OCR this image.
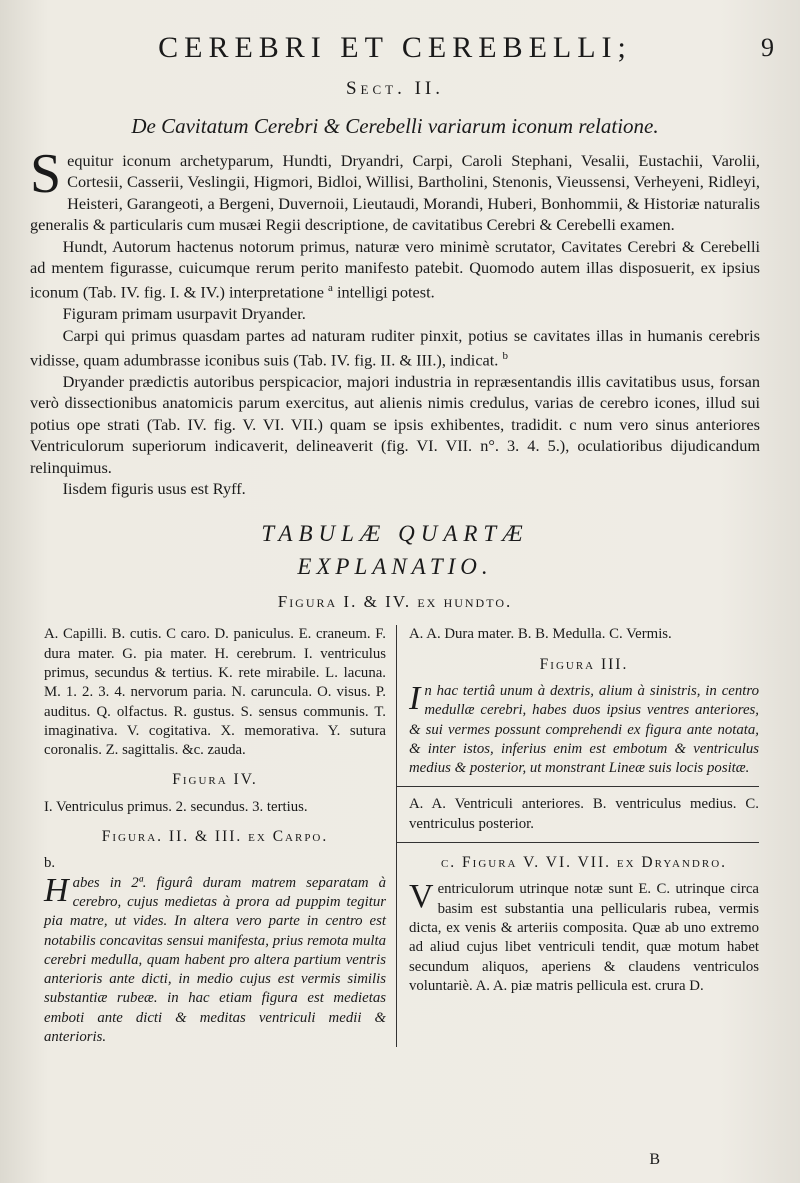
CEREBRI ET CEREBELLI;	9
Sect. II.
De Cavitatum Cerebri & Cerebelli variarum iconum relatione.

Sequitur iconum archetyparum, Hundti, Dryandri, Carpi, Caroli Stephani, Vesalii, Eustachii, Varolii, Cortesii, Casserii, Veslingii, Higmori, Bidloi, Willisi, Bartholini, Stenonis, Vieussensi, Verheyeni, Ridleyi, Heisteri, Garangeoti, a Bergeni, Duvernoii, Lieutaudi, Morandi, Huberi, Bonhommii, & Historiæ naturalis generalis & particularis cum musæi Regii descriptione, de cavitatibus Cerebri & Cerebelli examen.

Hundt, Autorum hactenus notorum primus, naturæ vero minimè scrutator, Cavitates Cerebri & Cerebelli ad mentem figurasse, cuicumque rerum perito manifesto patebit. Quomodo autem illas disposuerit, ex ipsius iconum (Tab. IV. fig. I. & IV.) interpretatione $^a$ intelligi potest.

Figuram primam usurpavit Dryander.

Carpi qui primus quasdam partes ad naturam ruditer pinxit, potius se cavitates illas in humanis cerebris vidisse, quam adumbrasse iconibus suis (Tab. IV. fig. II. & III.), indicat. $^b$

Dryander prædictis autoribus perspicacior, majori industria in repræsentandis illis cavitatibus usus, forsan verò dissectionibus anatomicis parum exercitus, aut alienis nimis credulus, varias de cerebro icones, illud sui potius ope strati (Tab. IV. fig. V. VI. VII.) quam se ipsis exhibentes, tradidit. c num vero sinus anteriores Ventriculorum superiorum indicaverit, delineaverit (fig. VI. VII. n°. 3. 4. 5.), oculatioribus dijudicandum relinquimus.

Iisdem figuris usus est Ryff.

TABULÆ QUARTÆ
EXPLANATIO.
Figura I. & IV. ex hundto.

A. Capilli. B. cutis. C caro. D. paniculus. E. craneum. F. dura mater. G. pia mater. H. cerebrum. I. ventriculus primus, secundus & tertius. K. rete mirabile. L. lacuna. M. 1. 2. 3. 4. nervorum paria. N. caruncula. O. visus. P. auditus. Q. olfactus. R. gustus. S. sensus communis. T. imaginativa. V. cogitativa. X. memorativa. Y. sutura coronalis. Z. sagittalis. &c. zauda.

Figura IV.

I. Ventriculus primus. 2. secundus. 3. tertius.

Figura. II. & III. ex Carpo.

b.

Habes in 2ª. figurâ duram matrem separatam à cerebro, cujus medietas à prora ad puppim tegitur pia matre, ut vides. In altera vero parte in centro est notabilis concavitas sensui manifesta, prius remota multa cerebri medulla, quam habent pro altera partium ventris anterioris ante dicti, in medio cujus est vermis similis substantiæ rubeæ. in hac etiam figura est medietas emboti ante dicti & meditas ventriculi medii & anterioris.

A. A. Dura mater. B. B. Medulla. C. Vermis.

Figura III.

In hac tertiâ unum à dextris, alium à sinistris, in centro medullæ cerebri, habes duos ipsius ventres anteriores, & sui vermes possunt comprehendi ex figura ante notata, & inter istos, inferius enim est embotum & ventriculus medius & posterior, ut monstrant Lineæ suis locis positæ.

A. A. Ventriculi anteriores. B. ventriculus medius. C. ventriculus posterior.

c. Figura V. VI. VII. ex Dryandro.

Ventriculorum utrinque notæ sunt E. C. utrinque circa basim est substantia una pellicularis rubea, vermis dicta, ex venis & arteriis composita. Quæ ab uno extremo ad aliud cujus libet ventriculi tendit, quæ motum habet secundum aliquos, aperiens & claudens ventriculos voluntariè. A. A. piæ matris pellicula est. crura D.

B
